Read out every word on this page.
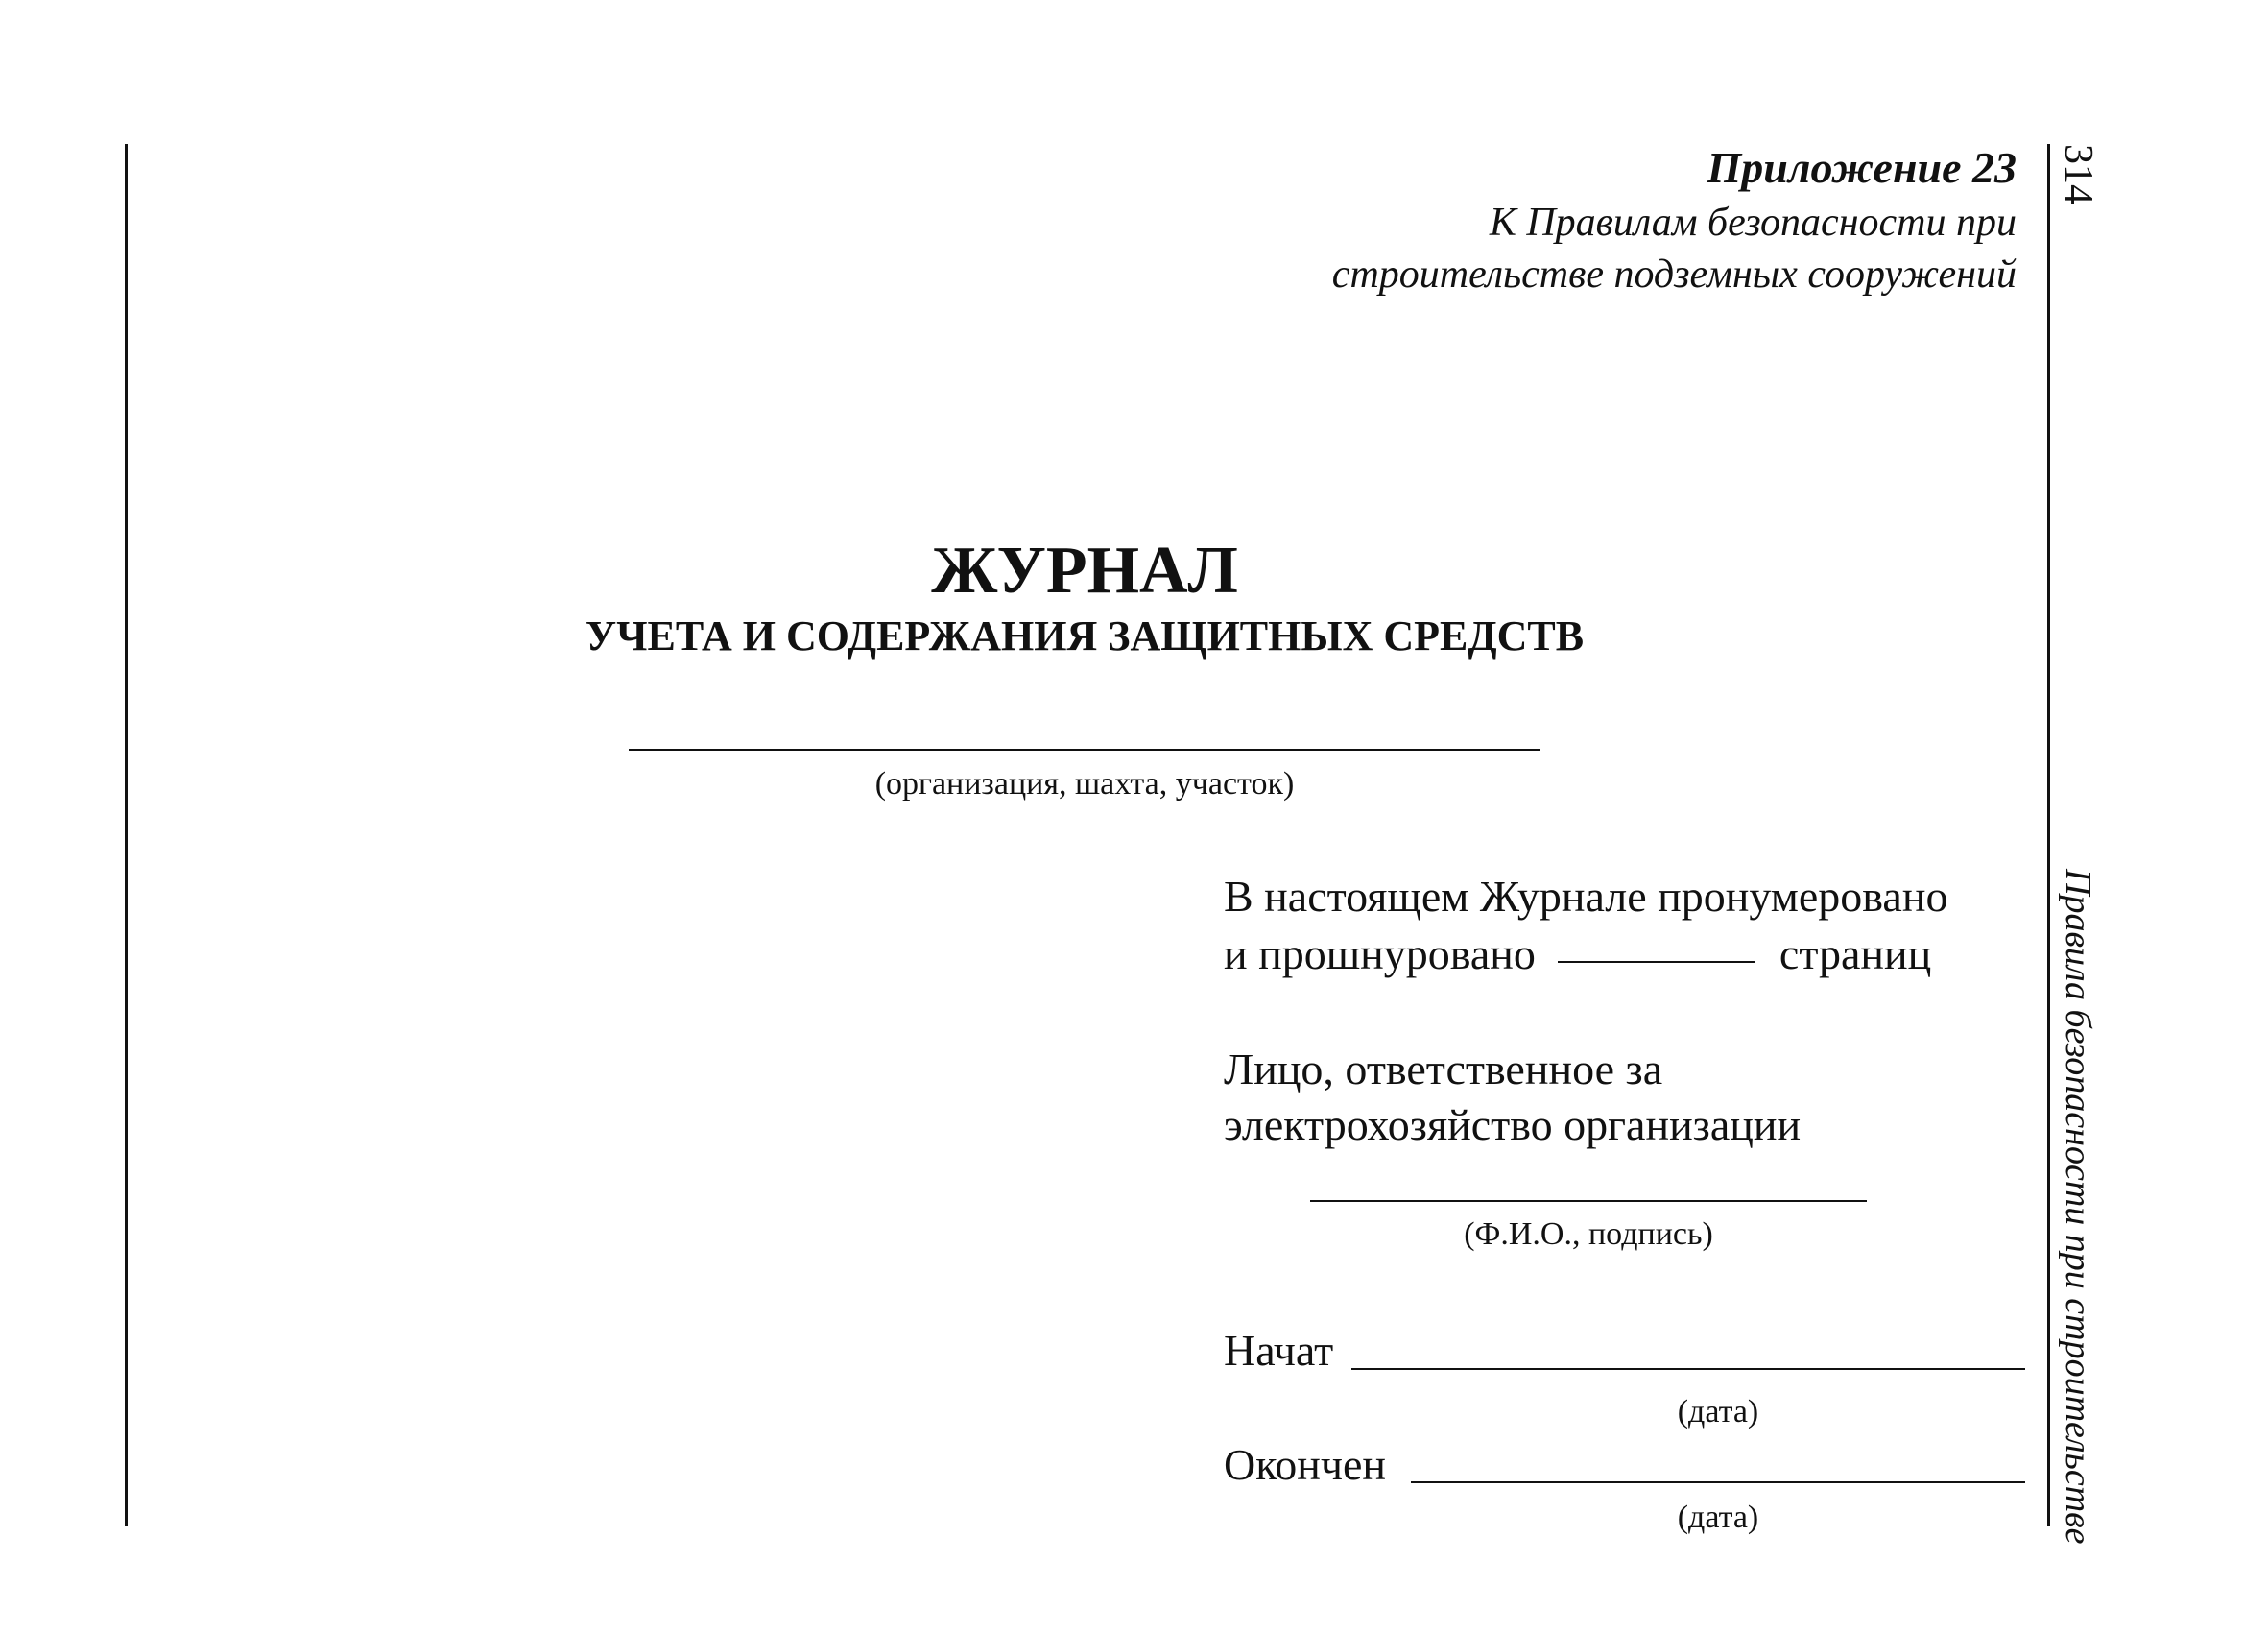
Приложение 23
К Правилам безопасности при
строительстве подземных сооружений
314
Правила безопасности при строительстве
ЖУРНАЛ
УЧЕТА И СОДЕРЖАНИЯ ЗАЩИТНЫХ СРЕДСТВ
(организация, шахта, участок)
В настоящем Журнале пронумеровано
и прошнуровано	страниц
Лицо, ответственное за
электрохозяйство организации
(Ф.И.О., подпись)
Начат
(дата)
Окончен
(дата)
